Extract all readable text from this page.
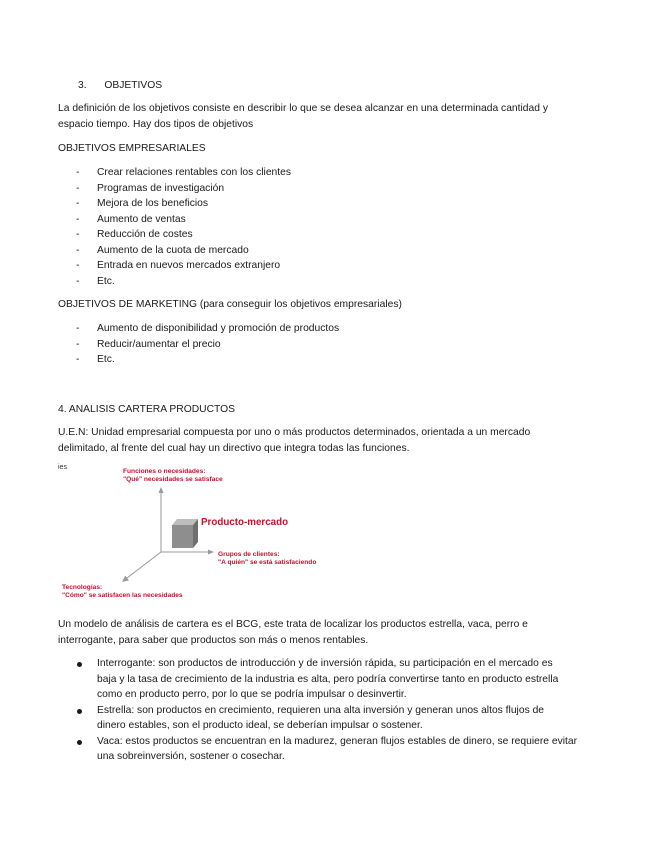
3. OBJETIVOS
La definición de los objetivos consiste en describir lo que se desea alcanzar en una determinada cantidad y
espacio tiempo. Hay dos tipos de objetivos
OBJETIVOS EMPRESARIALES
- Crear relaciones rentables con los clientes
- Programas de investigación
- Mejora de los beneficios
- Aumento de ventas
- Reducción de costes
- Aumento de la cuota de mercado
- Entrada en nuevos mercados extranjero
- Etc.
OBJETIVOS DE MARKETING (para conseguir los objetivos empresariales)
- Aumento de disponibilidad y promoción de productos
- Reducir/aumentar el precio
- Etc.
4. ANALISIS CARTERA PRODUCTOS
U.E.N: Unidad empresarial compuesta por uno o más productos determinados, orientada a un mercado
delimitado, al frente del cual hay un directivo que integra todas las funciones.
ies
Producto-mercado
Funciones o necesidades:
"Qué" necesidades se satisface
Grupos de clientes:
"A quién" se está satisfaciendo
Tecnologías:
"Cómo" se satisfacen las necesidades
Un modelo de análisis de cartera es el BCG, este trata de localizar los productos estrella, vaca, perro e
interrogante, para saber que productos son más o menos rentables.
Interrogante: son productos de introducción y de inversión rápida, su participación en el mercado es
baja y la tasa de crecimiento de la industria es alta, pero podría convertirse tanto en producto estrella
como en producto perro, por lo que se podría impulsar o desinvertir.
Estrella: son productos en crecimiento, requieren una alta inversión y generan unos altos flujos de
dinero estables, son el producto ideal, se deberían impulsar o sostener.
Vaca: estos productos se encuentran en la madurez, generan flujos estables de dinero, se requiere evitar
una sobreinversión, sostener o cosechar.
